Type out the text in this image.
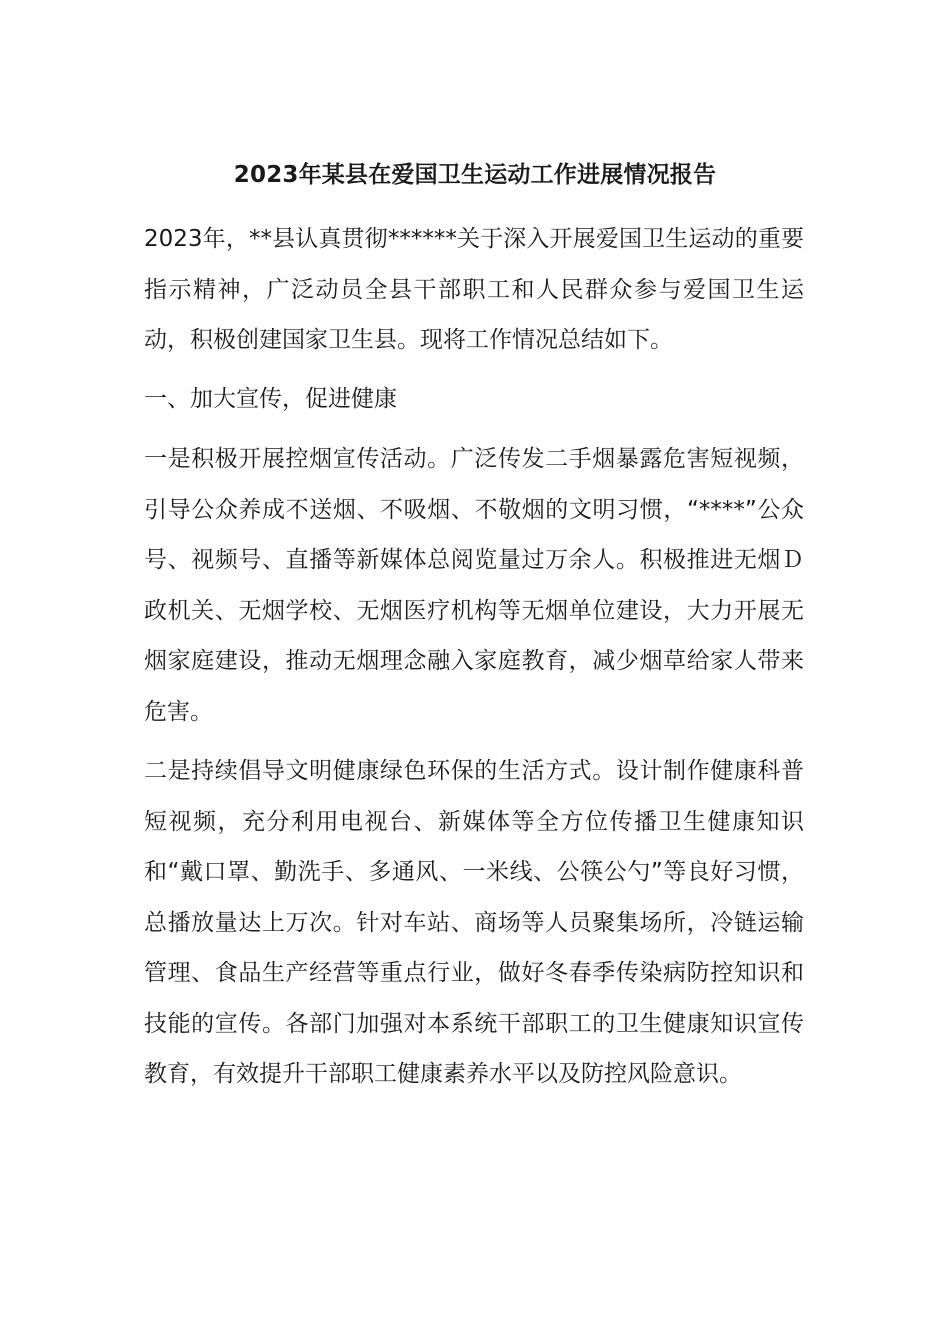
2023年某县在爱国卫生运动工作进展情况报告

2023年，**县认真贯彻******关于深入开展爱国卫生运动的重要指示精神，广泛动员全县干部职工和人民群众参与爱国卫生运动，积极创建国家卫生县。现将工作情况总结如下。

一、加大宣传，促进健康

一是积极开展控烟宣传活动。广泛传发二手烟暴露危害短视频，引导公众养成不送烟、不吸烟、不敬烟的文明习惯，“****”公众号、视频号、直播等新媒体总阅览量过万余人。积极推进无烟Ｄ政机关、无烟学校、无烟医疗机构等无烟单位建设，大力开展无烟家庭建设，推动无烟理念融入家庭教育，减少烟草给家人带来危害。

二是持续倡导文明健康绿色环保的生活方式。设计制作健康科普短视频，充分利用电视台、新媒体等全方位传播卫生健康知识和“戴口罩、勤洗手、多通风、一米线、公筷公勺”等良好习惯，总播放量达上万次。针对车站、商场等人员聚集场所，冷链运输管理、食品生产经营等重点行业，做好冬春季传染病防控知识和技能的宣传。各部门加强对本系统干部职工的卫生健康知识宣传教育，有效提升干部职工健康素养水平以及防控风险意识。
